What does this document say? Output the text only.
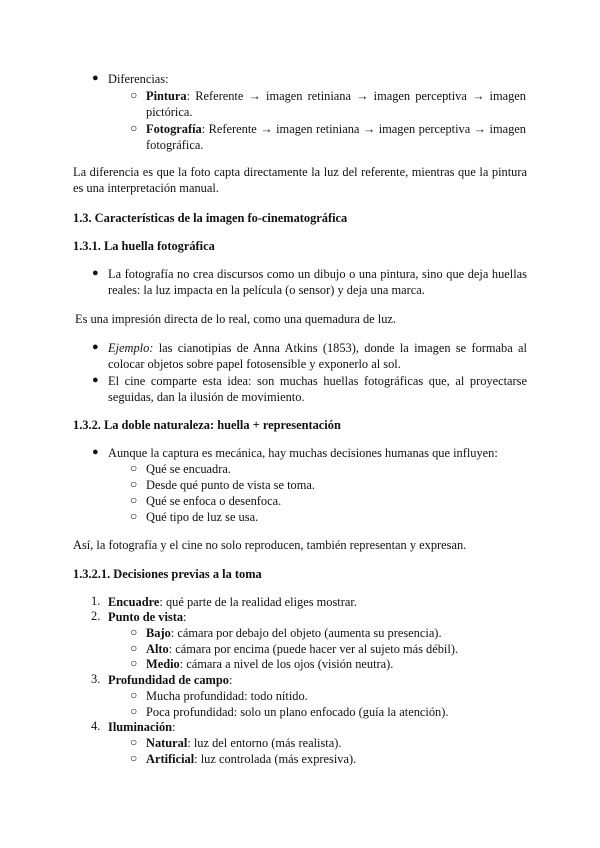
● Diferencias:
○ Pintura: Referente → imagen retiniana → imagen perceptiva → imagen pictórica.
○ Fotografía: Referente → imagen retiniana → imagen perceptiva → imagen fotográfica.
La diferencia es que la foto capta directamente la luz del referente, mientras que la pintura es una interpretación manual.
1.3. Características de la imagen fo-cinematográfica
1.3.1. La huella fotográfica
● La fotografía no crea discursos como un dibujo o una pintura, sino que deja huellas reales: la luz impacta en la película (o sensor) y deja una marca.
Es una impresión directa de lo real, como una quemadura de luz.
● Ejemplo: las cianotipias de Anna Atkins (1853), donde la imagen se formaba al colocar objetos sobre papel fotosensible y exponerlo al sol.
● El cine comparte esta idea: son muchas huellas fotográficas que, al proyectarse seguidas, dan la ilusión de movimiento.
1.3.2. La doble naturaleza: huella + representación
● Aunque la captura es mecánica, hay muchas decisiones humanas que influyen:
○ Qué se encuadra.
○ Desde qué punto de vista se toma.
○ Qué se enfoca o desenfoca.
○ Qué tipo de luz se usa.
Así, la fotografía y el cine no solo reproducen, también representan y expresan.
1.3.2.1. Decisiones previas a la toma
1. Encuadre: qué parte de la realidad eliges mostrar.
2. Punto de vista:
○ Bajo: cámara por debajo del objeto (aumenta su presencia).
○ Alto: cámara por encima (puede hacer ver al sujeto más débil).
○ Medio: cámara a nivel de los ojos (visión neutra).
3. Profundidad de campo:
○ Mucha profundidad: todo nítido.
○ Poca profundidad: solo un plano enfocado (guía la atención).
4. Iluminación:
○ Natural: luz del entorno (más realista).
○ Artificial: luz controlada (más expresiva).
